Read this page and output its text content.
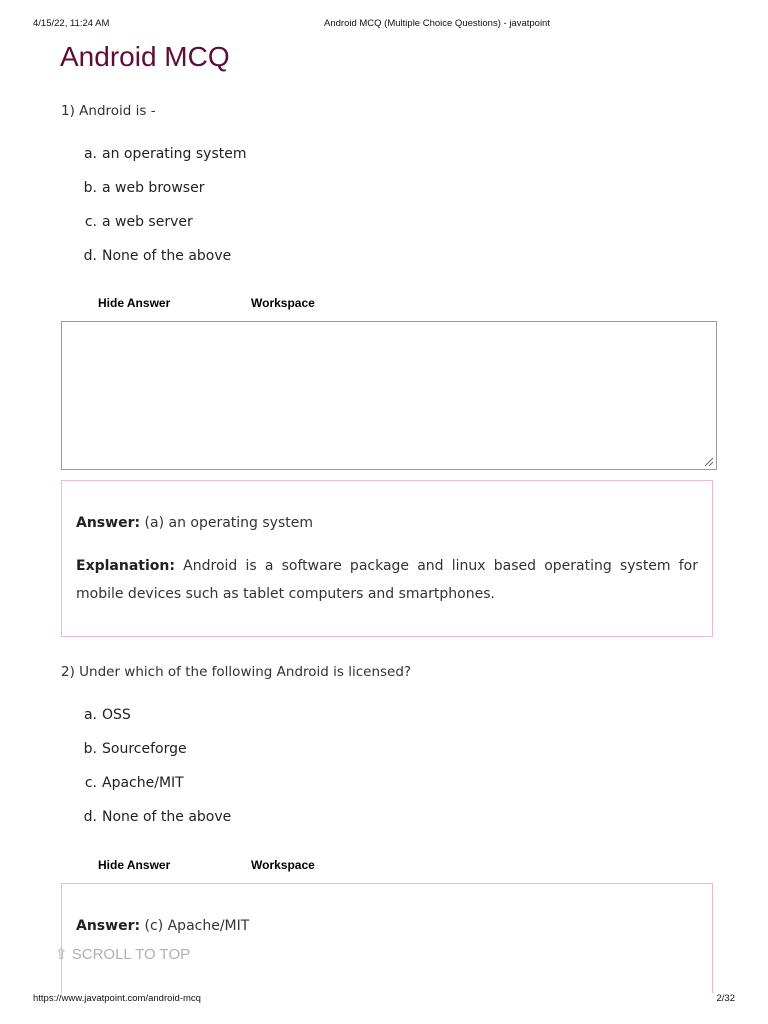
4/15/22, 11:24 AM	Android MCQ (Multiple Choice Questions) - javatpoint
Android MCQ
1) Android is -
a. an operating system
b. a web browser
c. a web server
d. None of the above
Hide Answer	Workspace
Answer: (a) an operating system
Explanation: Android is a software package and linux based operating system for mobile devices such as tablet computers and smartphones.
2) Under which of the following Android is licensed?
a. OSS
b. Sourceforge
c. Apache/MIT
d. None of the above
Hide Answer	Workspace
Answer: (c) Apache/MIT
⇧ SCROLL TO TOP
https://www.javatpoint.com/android-mcq	2/32
